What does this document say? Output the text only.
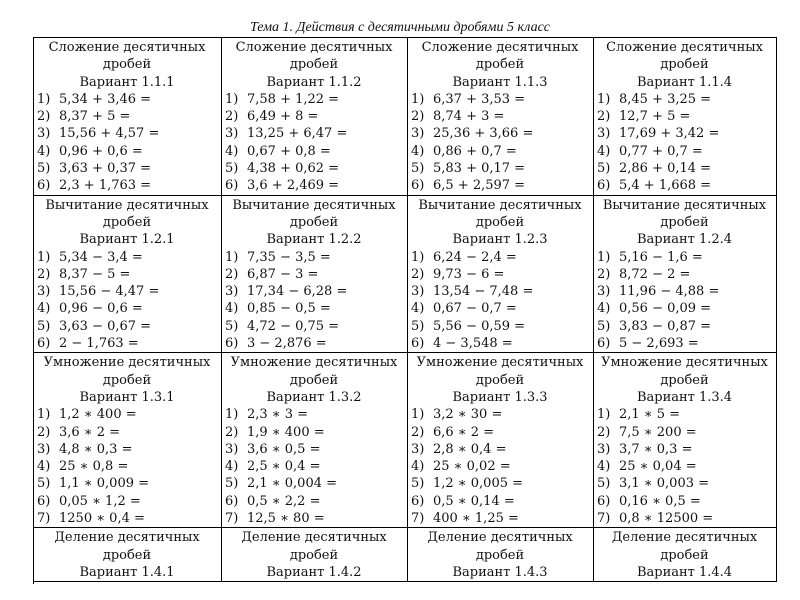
Тема 1. Действия с десятичными дробями 5 класс
Сложение десятичных
дробей
Вариант 1.1.1
1) 5,34 + 3,46 =
2) 8,37 + 5 =
3) 15,56 + 4,57 =
4) 0,96 + 0,6 =
5) 3,63 + 0,37 =
6) 2,3 + 1,763 =
Сложение десятичных
дробей
Вариант 1.1.2
1) 7,58 + 1,22 =
2) 6,49 + 8 =
3) 13,25 + 6,47 =
4) 0,67 + 0,8 =
5) 4,38 + 0,62 =
6) 3,6 + 2,469 =
Сложение десятичных
дробей
Вариант 1.1.3
1) 6,37 + 3,53 =
2) 8,74 + 3 =
3) 25,36 + 3,66 =
4) 0,86 + 0,7 =
5) 5,83 + 0,17 =
6) 6,5 + 2,597 =
Сложение десятичных
дробей
Вариант 1.1.4
1) 8,45 + 3,25 =
2) 12,7 + 5 =
3) 17,69 + 3,42 =
4) 0,77 + 0,7 =
5) 2,86 + 0,14 =
6) 5,4 + 1,668 =
Вычитание десятичных
дробей
Вариант 1.2.1
1) 5,34 − 3,4 =
2) 8,37 − 5 =
3) 15,56 − 4,47 =
4) 0,96 − 0,6 =
5) 3,63 − 0,67 =
6) 2 − 1,763 =
Вычитание десятичных
дробей
Вариант 1.2.2
1) 7,35 − 3,5 =
2) 6,87 − 3 =
3) 17,34 − 6,28 =
4) 0,85 − 0,5 =
5) 4,72 − 0,75 =
6) 3 − 2,876 =
Вычитание десятичных
дробей
Вариант 1.2.3
1) 6,24 − 2,4 =
2) 9,73 − 6 =
3) 13,54 − 7,48 =
4) 0,67 − 0,7 =
5) 5,56 − 0,59 =
6) 4 − 3,548 =
Вычитание десятичных
дробей
Вариант 1.2.4
1) 5,16 − 1,6 =
2) 8,72 − 2 =
3) 11,96 − 4,88 =
4) 0,56 − 0,09 =
5) 3,83 − 0,87 =
6) 5 − 2,693 =
Умножение десятичных
дробей
Вариант 1.3.1
1) 1,2 ∗ 400 =
2) 3,6 ∗ 2 =
3) 4,8 ∗ 0,3 =
4) 25 ∗ 0,8 =
5) 1,1 ∗ 0,009 =
6) 0,05 ∗ 1,2 =
7) 1250 ∗ 0,4 =
Умножение десятичных
дробей
Вариант 1.3.2
1) 2,3 ∗ 3 =
2) 1,9 ∗ 400 =
3) 3,6 ∗ 0,5 =
4) 2,5 ∗ 0,4 =
5) 2,1 ∗ 0,004 =
6) 0,5 ∗ 2,2 =
7) 12,5 ∗ 80 =
Умножение десятичных
дробей
Вариант 1.3.3
1) 3,2 ∗ 30 =
2) 6,6 ∗ 2 =
3) 2,8 ∗ 0,4 =
4) 25 ∗ 0,02 =
5) 1,2 ∗ 0,005 =
6) 0,5 ∗ 0,14 =
7) 400 ∗ 1,25 =
Умножение десятичных
дробей
Вариант 1.3.4
1) 2,1 ∗ 5 =
2) 7,5 ∗ 200 =
3) 3,7 ∗ 0,3 =
4) 25 ∗ 0,04 =
5) 3,1 ∗ 0,003 =
6) 0,16 ∗ 0,5 =
7) 0,8 ∗ 12500 =
Деление десятичных
дробей
Вариант 1.4.1
Деление десятичных
дробей
Вариант 1.4.2
Деление десятичных
дробей
Вариант 1.4.3
Деление десятичных
дробей
Вариант 1.4.4
